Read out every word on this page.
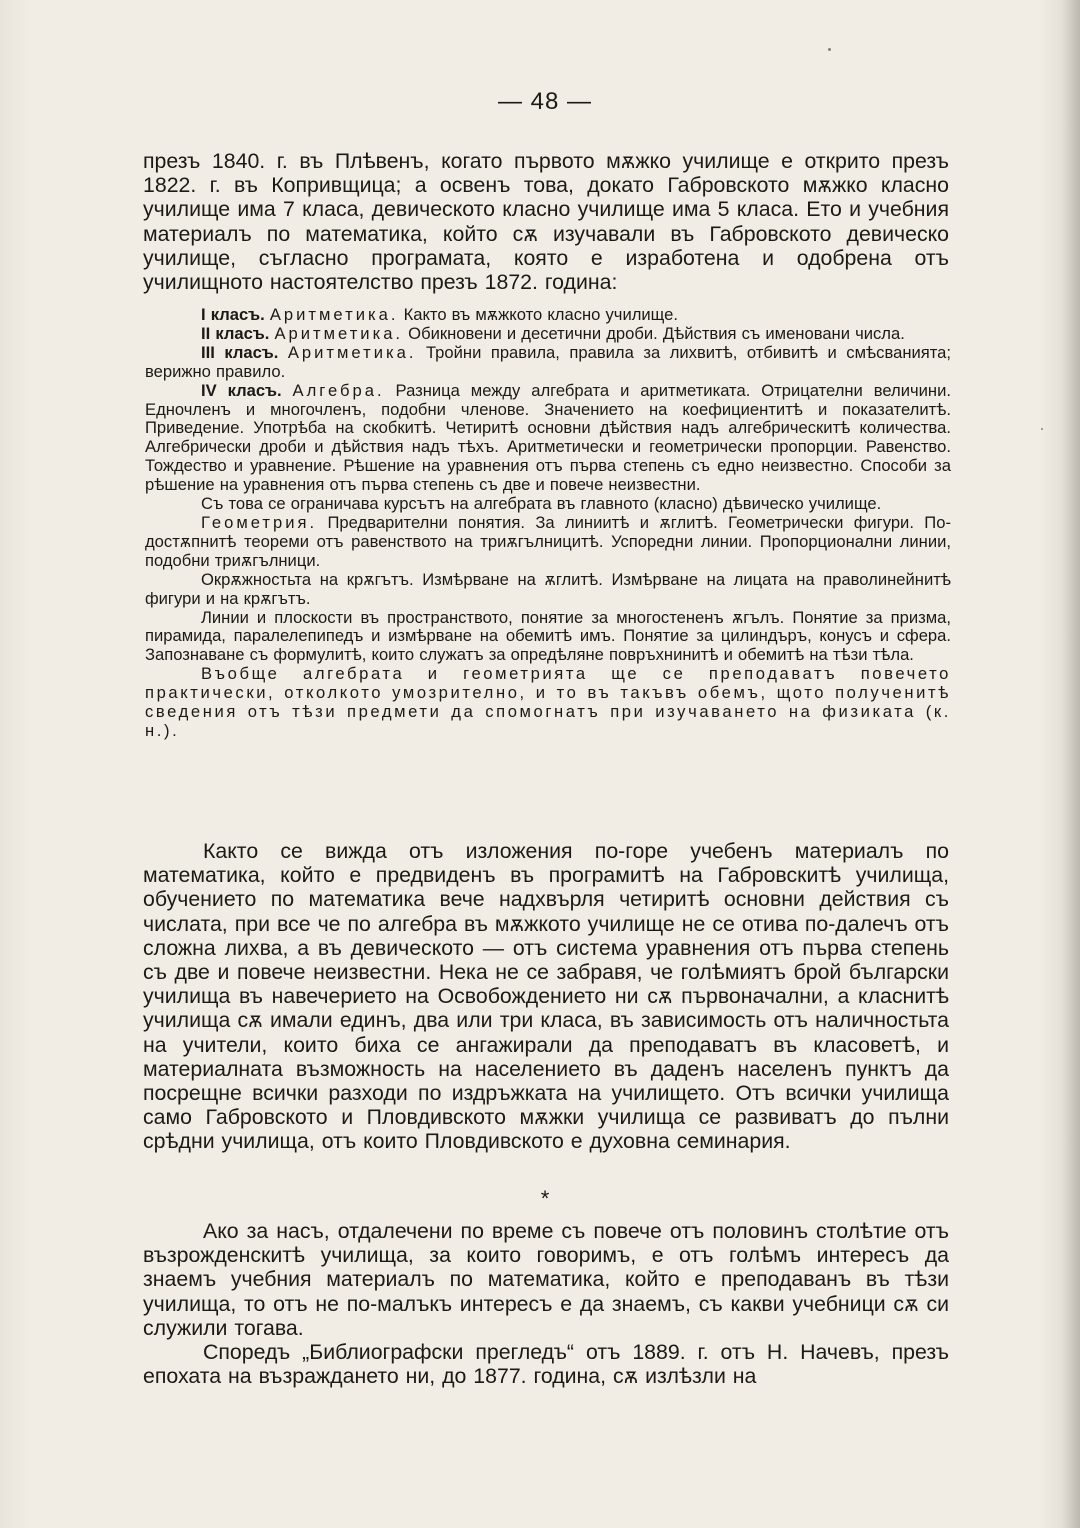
— 48 —

презъ 1840. г. въ Плѣвенъ, когато първото мѫжко училище е открито презъ 1822. г. въ Копривщица; а освенъ това, докато Габровското мѫжко класно училище има 7 класа, девическото класно училище има 5 класа. Ето и учебния материалъ по математика, който сѫ изучавали въ Габровското девическо училище, съгласно програмата, която е изработена и одобрена отъ училищното настоятелство презъ 1872. година:

I класъ. Аритметика. Както въ мѫжкото класно училище.

II класъ. Аритметика. Обикновени и десетични дроби. Дѣйствия съ именовани числа.

III класъ. Аритметика. Тройни правила, правила за лихвитѣ, отбивитѣ и смѣсванията; верижно правило.

IV класъ. Алгебра. Разница между алгебрата и аритметиката. Отрицателни величини. Едночленъ и многочленъ, подобни членове. Значението на коефициентитѣ и показателитѣ. Приведение. Употрѣба на скобкитѣ. Четиритѣ основни дѣйствия надъ алгебрическитѣ количества. Алгебрически дроби и дѣйствия надъ тѣхъ. Аритметически и геометрически пропорции. Равенство. Тождество и уравнение. Рѣшение на уравнения отъ първа степень съ едно неизвестно. Способи за рѣшение на уравнения отъ първа степень съ две и повече неизвестни.

Съ това се ограничава курсътъ на алгебрата въ главното (класно) дѣвическо училище.

Геометрия. Предварителни понятия. За линиитѣ и ѫглитѣ. Геометрически фигури. По-достѫпнитѣ теореми отъ равенството на триѫгълницитѣ. Успоредни линии. Пропорционални линии, подобни триѫгълници.

Окрѫжностьта на крѫгътъ. Измѣрване на ѫглитѣ. Измѣрване на лицата на праволинейнитѣ фигури и на крѫгътъ.

Линии и плоскости въ пространството, понятие за многостененъ ѫгълъ. Понятие за призма, пирамида, паралелепипедъ и измѣрване на обемитѣ имъ. Понятие за цилиндъръ, конусъ и сфера. Запознаване съ формулитѣ, които служатъ за опредѣляне повръхнинитѣ и обемитѣ на тѣзи тѣла.

Въобще алгебрата и геометрията ще се преподаватъ повечето практически, отколкото умозрително, и то въ такъвъ обемъ, щото полученитѣ сведения отъ тѣзи предмети да спомогнатъ при изучаването на физиката (к. н.).

Както се вижда отъ изложения по-горе учебенъ материалъ по математика, който е предвиденъ въ програмитѣ на Габровскитѣ училища, обучението по математика вече надхвърля четиритѣ основни действия съ числата, при все че по алгебра въ мѫжкото училище не се отива по-далечъ отъ сложна лихва, а въ девическото — отъ система уравнения отъ първа степень съ две и повече неизвестни. Нека не се забравя, че голѣмиятъ брой български училища въ навечерието на Освобождението ни сѫ първоначални, а класнитѣ училища сѫ имали единъ, два или три класа, въ зависимость отъ наличностьта на учители, които биха се ангажирали да преподаватъ въ класоветѣ, и материалната възможность на населението въ даденъ населенъ пунктъ да посрещне всички разходи по издръжката на училището. Отъ всички училища само Габровското и Пловдивското мѫжки училища се развиватъ до пълни срѣдни училища, отъ които Пловдивското е духовна семинария.

*

Ако за насъ, отдалечени по време съ повече отъ половинъ столѣтие отъ възрожденскитѣ училища, за които говоримъ, е отъ голѣмъ интересъ да знаемъ учебния материалъ по математика, който е преподаванъ въ тѣзи училища, то отъ не по-малъкъ интересъ е да знаемъ, съ какви учебници сѫ си служили тогава.

Споредъ „Библиографски прегледъ“ отъ 1889. г. отъ Н. Начевъ, презъ епохата на възраждането ни, до 1877. година, сѫ излѣзли на
